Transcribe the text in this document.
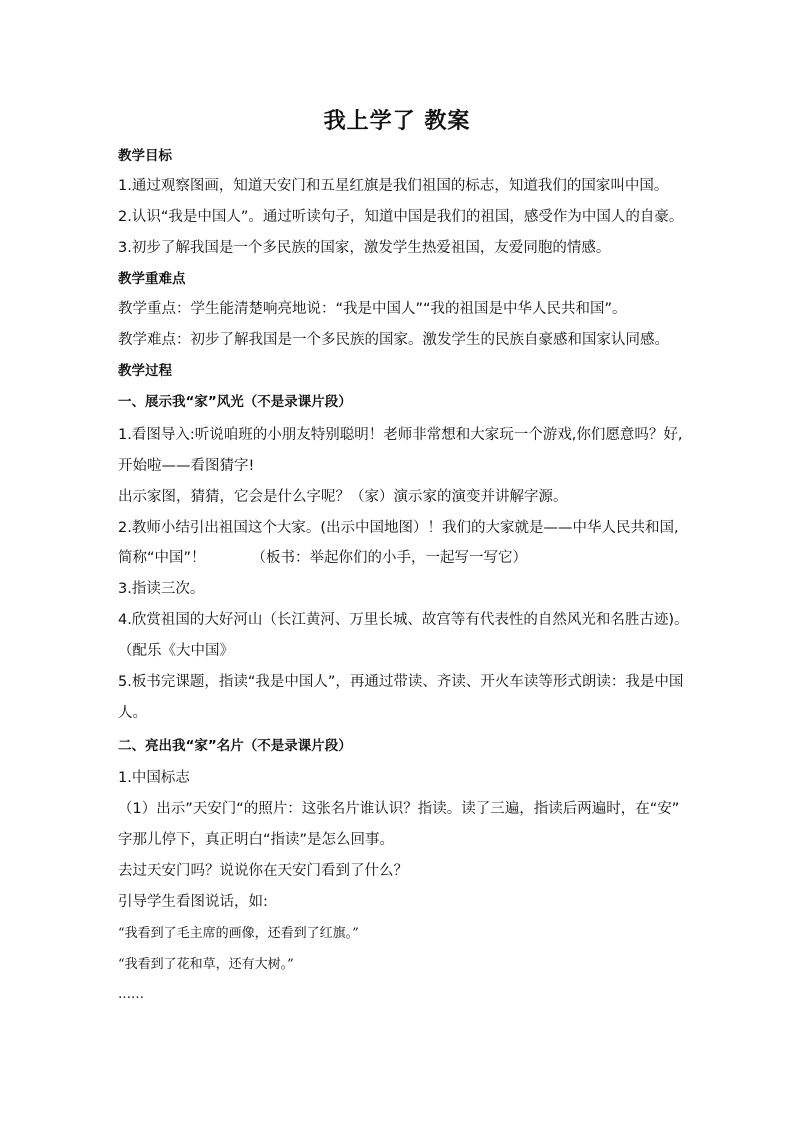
我上学了 教案
教学目标
1.通过观察图画，知道天安门和五星红旗是我们祖国的标志，知道我们的国家叫中国。
2.认识“我是中国人”。通过听读句子，知道中国是我们的祖国，感受作为中国人的自豪。
3.初步了解我国是一个多民族的国家，激发学生热爱祖国，友爱同胞的情感。
教学重难点
教学重点：学生能清楚响亮地说：“我是中国人”“我的祖国是中华人民共和国”。
教学难点：初步了解我国是一个多民族的国家。激发学生的民族自豪感和国家认同感。
教学过程
一、展示我“家”风光（不是录课片段）
1.看图导入:听说咱班的小朋友特别聪明！老师非常想和大家玩一个游戏,你们愿意吗？好,
开始啦——看图猜字!
出示家图，猜猜，它会是什么字呢？（家）演示家的演变并讲解字源。
2.教师小结引出祖国这个大家。(出示中国地图）！我们的大家就是——中华人民共和国,
简称“中国”！	（板书：举起你们的小手，一起写一写它）
3.指读三次。
4.欣赏祖国的大好河山（长江黄河、万里长城、故宫等有代表性的自然风光和名胜古迹)。
（配乐《大中国》
5.板书完课题，指读“我是中国人”，再通过带读、齐读、开火车读等形式朗读：我是中国
人。
二、亮出我“家”名片（不是录课片段）
1.中国标志
（1）出示”天安门“的照片：这张名片谁认识？指读。读了三遍，指读后两遍时，在“安”
字那儿停下，真正明白“指读”是怎么回事。
去过天安门吗？说说你在天安门看到了什么？
引导学生看图说话，如:
“我看到了毛主席的画像，还看到了红旗。”
“我看到了花和草，还有大树。”
……
